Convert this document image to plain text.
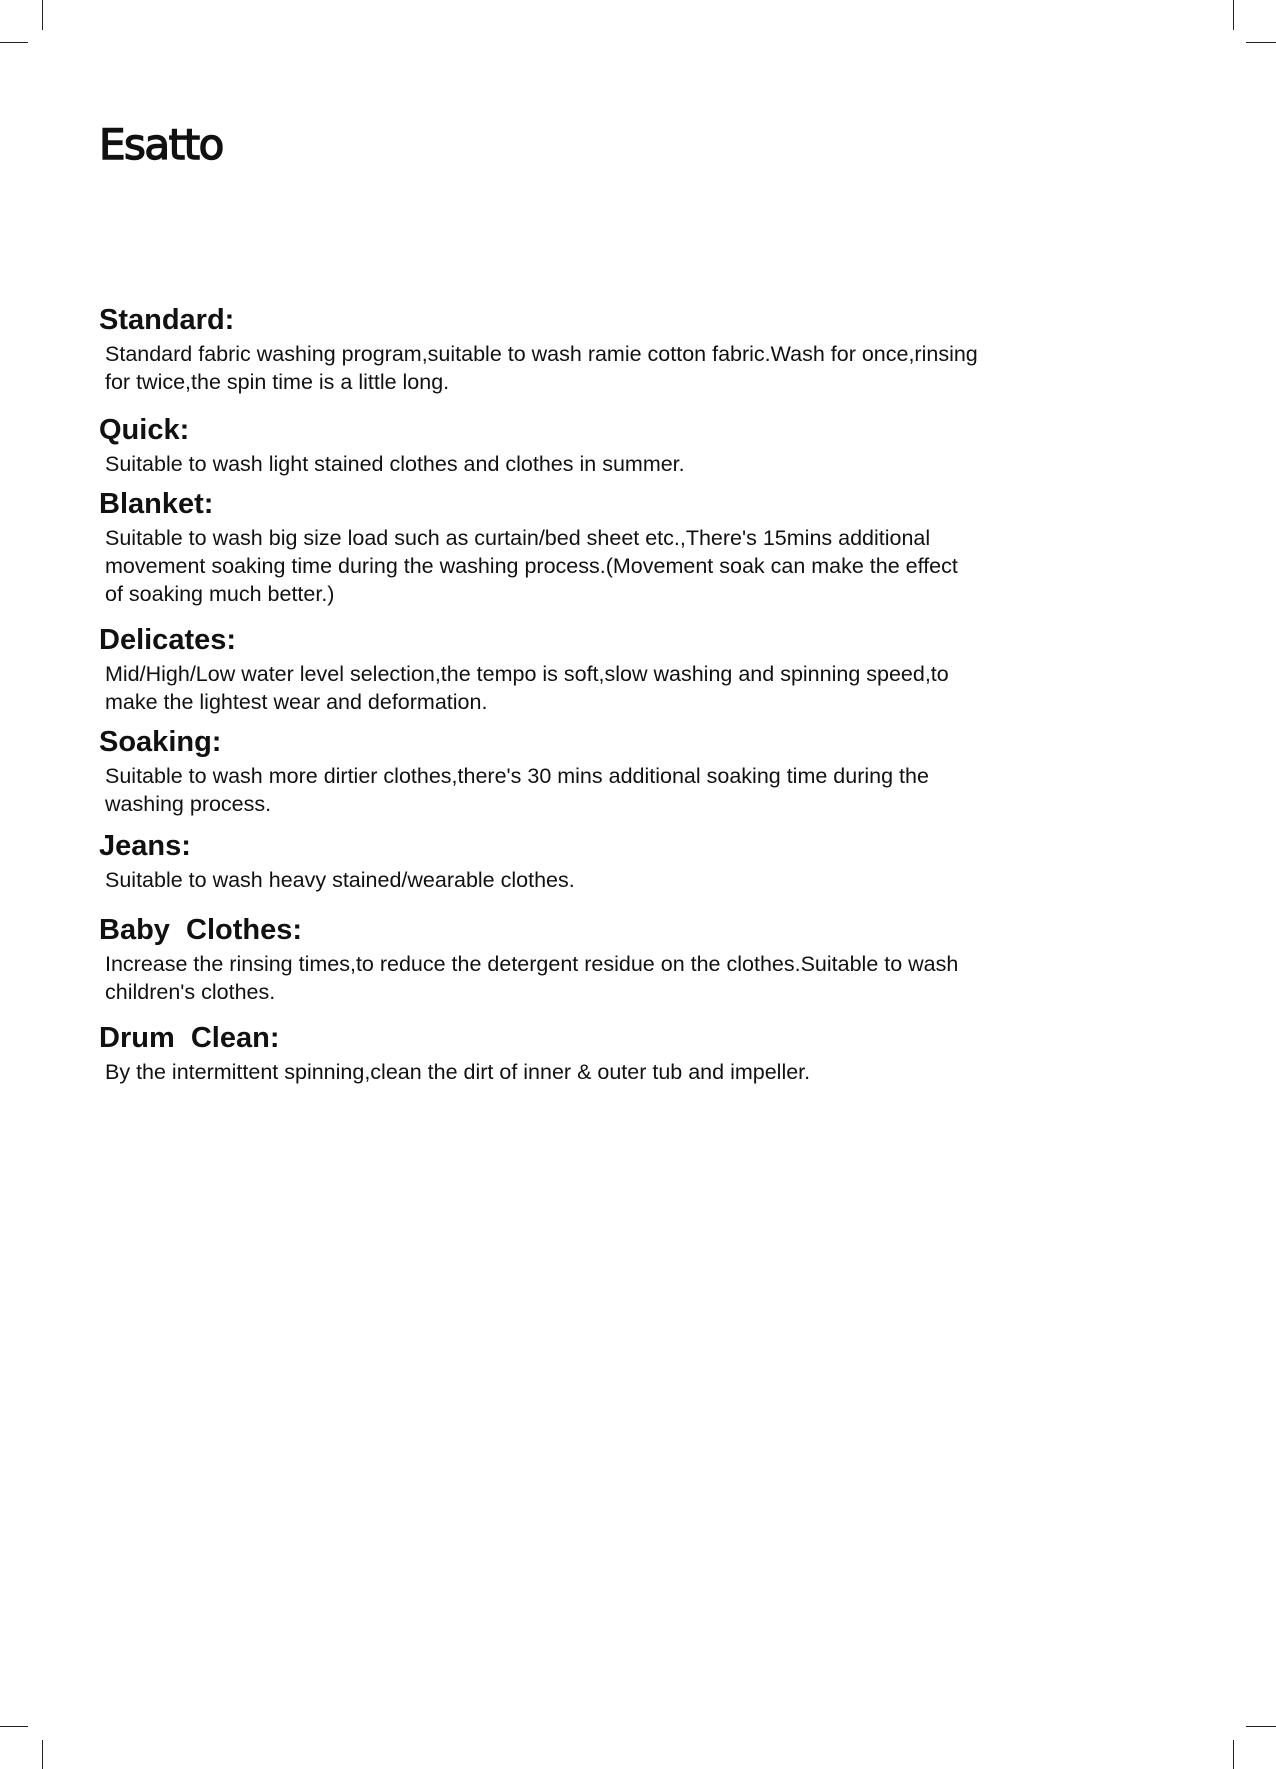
Esatto
Standard:

Standard fabric washing program,suitable to wash ramie cotton fabric.Wash for once,rinsing
for twice,the spin time is a little long.

Quick:

Suitable to wash light stained clothes and clothes in summer.

Blanket:

Suitable to wash big size load such as curtain/bed sheet etc.,There's 15mins additional
movement soaking time during the washing process.(Movement soak can make the effect
of soaking much better.)

Delicates:

Mid/High/Low water level selection,the tempo is soft,slow washing and spinning speed,to
make the lightest wear and deformation.

Soaking:

Suitable to wash more dirtier clothes,there's 30 mins additional soaking time during the
washing process.

Jeans:

Suitable to wash heavy stained/wearable clothes.

Baby  Clothes:

Increase the rinsing times,to reduce the detergent residue on the clothes.Suitable to wash
children's clothes.

Drum  Clean:

By the intermittent spinning,clean the dirt of inner & outer tub and impeller.
